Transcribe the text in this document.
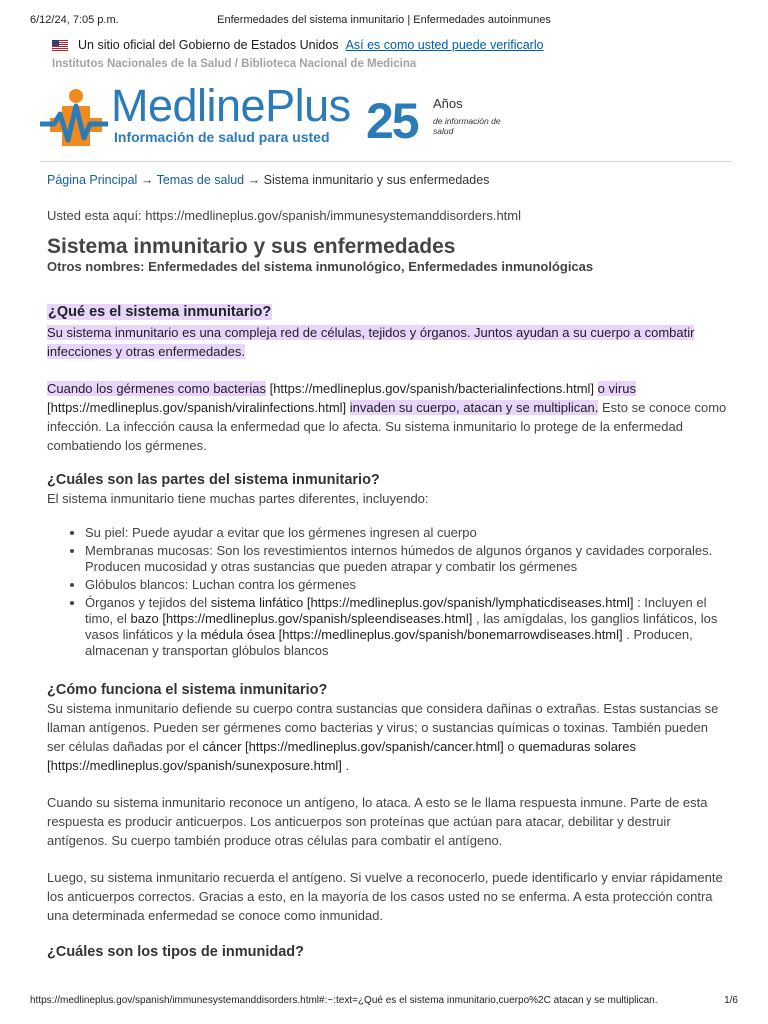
6/12/24, 7:05 p.m.	Enfermedades del sistema inmunitario | Enfermedades autoinmunes
Un sitio oficial del Gobierno de Estados Unidos Así es como usted puede verificarlo
Institutos Nacionales de la Salud / Biblioteca Nacional de Medicina
MedlinePlus
Información de salud para usted 25 Años
de información de salud
Página Principal → Temas de salud → Sistema inmunitario y sus enfermedades
Usted esta aquí: https://medlineplus.gov/spanish/immunesystemanddisorders.html
Sistema inmunitario y sus enfermedades
Otros nombres: Enfermedades del sistema inmunológico, Enfermedades inmunológicas
¿Qué es el sistema inmunitario?

Su sistema inmunitario es una compleja red de células, tejidos y órganos. Juntos ayudan a su cuerpo a combatir infecciones y otras enfermedades.

Cuando los gérmenes como bacterias [https://medlineplus.gov/spanish/bacterialinfections.html] o virus [https://medlineplus.gov/spanish/viralinfections.html] invaden su cuerpo, atacan y se multiplican. Esto se conoce como infección. La infección causa la enfermedad que lo afecta. Su sistema inmunitario lo protege de la enfermedad combatiendo los gérmenes.

¿Cuáles son las partes del sistema inmunitario?

El sistema inmunitario tiene muchas partes diferentes, incluyendo:

• Su piel: Puede ayudar a evitar que los gérmenes ingresen al cuerpo
• Membranas mucosas: Son los revestimientos internos húmedos de algunos órganos y cavidades corporales. Producen mucosidad y otras sustancias que pueden atrapar y combatir los gérmenes
• Glóbulos blancos: Luchan contra los gérmenes
• Órganos y tejidos del sistema linfático [https://medlineplus.gov/spanish/lymphaticdiseases.html] : Incluyen el timo, el bazo [https://medlineplus.gov/spanish/spleendiseases.html] , las amígdalas, los ganglios linfáticos, los vasos linfáticos y la médula ósea [https://medlineplus.gov/spanish/bonemarrowdiseases.html] . Producen, almacenan y transportan glóbulos blancos
¿Cómo funciona el sistema inmunitario?

Su sistema inmunitario defiende su cuerpo contra sustancias que considera dañinas o extrañas. Estas sustancias se llaman antígenos. Pueden ser gérmenes como bacterias y virus; o sustancias químicas o toxinas. También pueden ser células dañadas por el cáncer [https://medlineplus.gov/spanish/cancer.html] o quemaduras solares [https://medlineplus.gov/spanish/sunexposure.html] .

Cuando su sistema inmunitario reconoce un antígeno, lo ataca. A esto se le llama respuesta inmune. Parte de esta respuesta es producir anticuerpos. Los anticuerpos son proteínas que actúan para atacar, debilitar y destruir antígenos. Su cuerpo también produce otras células para combatir el antígeno.

Luego, su sistema inmunitario recuerda el antígeno. Si vuelve a reconocerlo, puede identificarlo y enviar rápidamente los anticuerpos correctos. Gracias a esto, en la mayoría de los casos usted no se enferma. A esta protección contra una determinada enfermedad se conoce como inmunidad.

¿Cuáles son los tipos de inmunidad?
https://medlineplus.gov/spanish/immunesystemanddisorders.html#:~:text=¿Qué es el sistema inmunitario,cuerpo%2C atacan y se multiplican.	1/6
